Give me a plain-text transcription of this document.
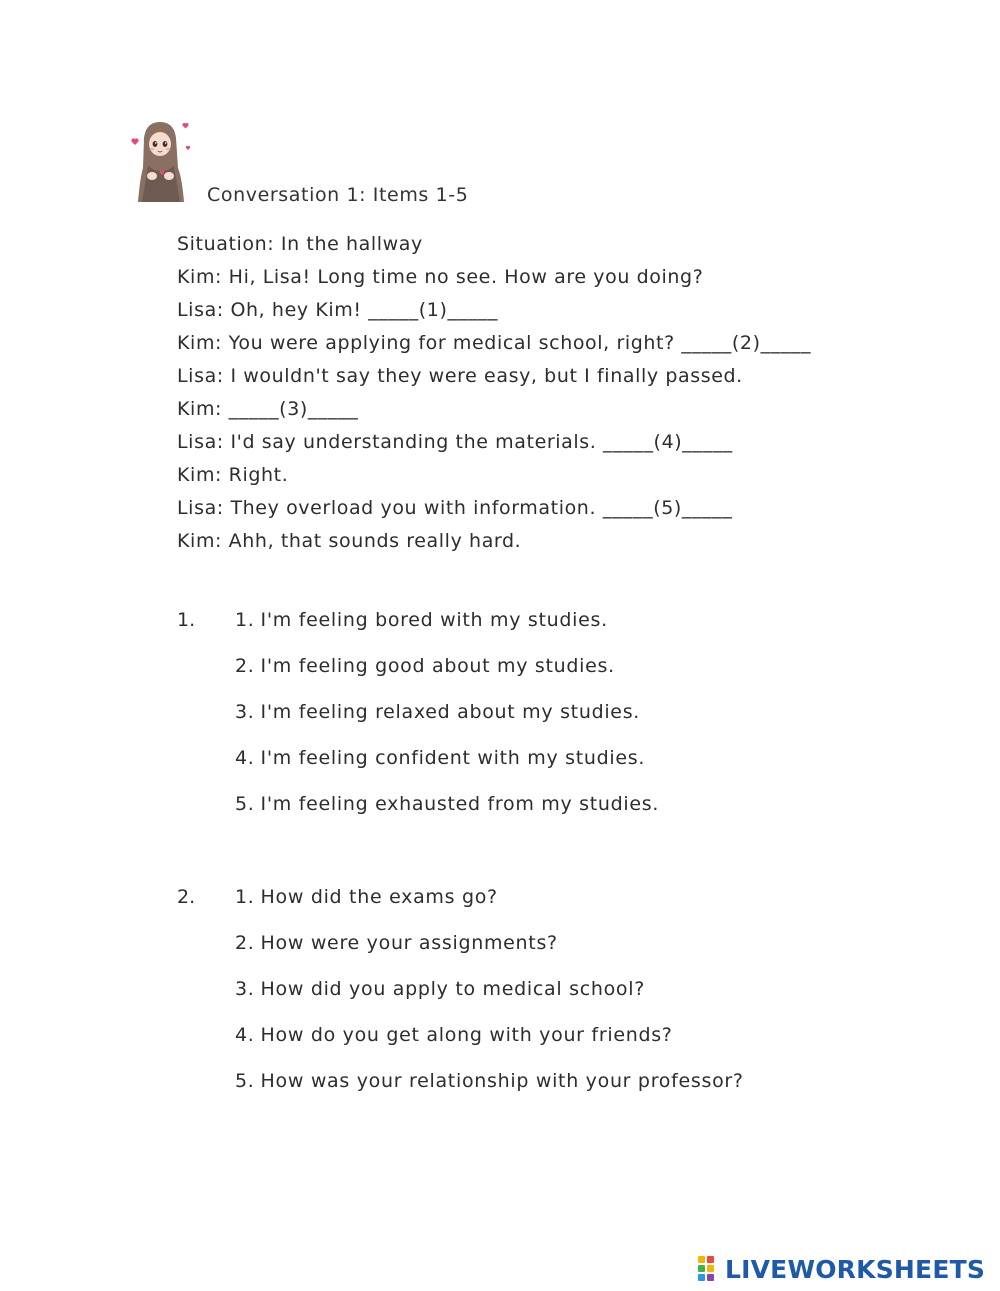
Conversation 1: Items 1-5
Situation: In the hallway
Kim: Hi, Lisa! Long time no see. How are you doing?
Lisa: Oh, hey Kim! _____(1)_____
Kim: You were applying for medical school, right? _____(2)_____
Lisa: I wouldn't say they were easy, but I finally passed.
Kim: _____(3)_____
Lisa: I'd say understanding the materials. _____(4)_____
Kim: Right.
Lisa: They overload you with information. _____(5)_____
Kim: Ahh, that sounds really hard.
1. 1. I'm feeling bored with my studies.
2. I'm feeling good about my studies.
3. I'm feeling relaxed about my studies.
4. I'm feeling confident with my studies.
5. I'm feeling exhausted from my studies.
2. 1. How did the exams go?
2. How were your assignments?
3. How did you apply to medical school?
4. How do you get along with your friends?
5. How was your relationship with your professor?
LIVEWORKSHEETS
